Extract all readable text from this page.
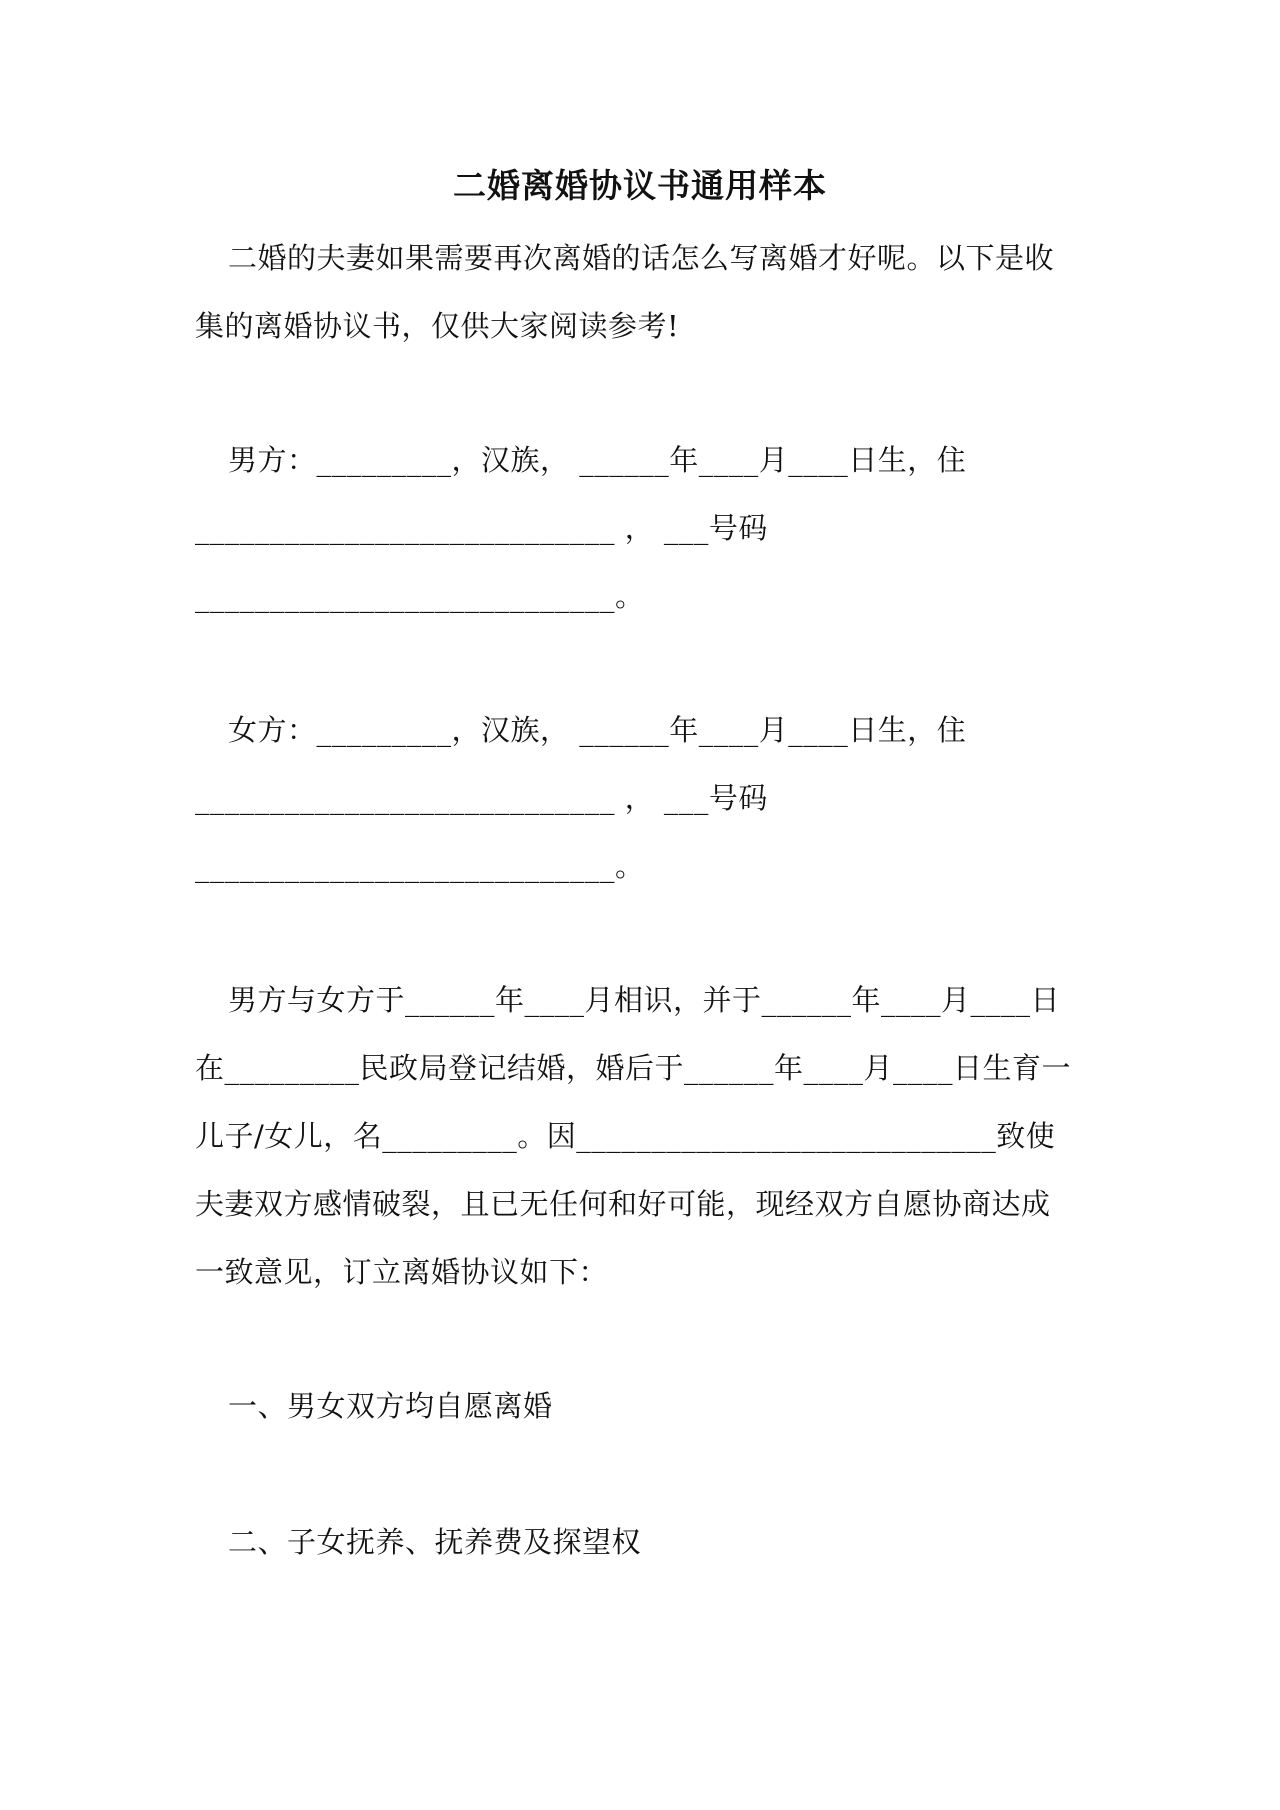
二婚离婚协议书通用样本
二婚的夫妻如果需要再次离婚的话怎么写离婚才好呢。以下是收
集的离婚协议书，仅供大家阅读参考!
男方：_________，汉族， ______年____月____日生，住
____________________________ ， ___号码
____________________________。
女方：_________，汉族， ______年____月____日生，住
____________________________ ， ___号码
____________________________。
男方与女方于______年____月相识，并于______年____月____日
在_________民政局登记结婚，婚后于______年____月____日生育一
儿子/女儿，名_________。因____________________________致使
夫妻双方感情破裂，且已无任何和好可能，现经双方自愿协商达成
一致意见，订立离婚协议如下：
一、男女双方均自愿离婚
二、子女抚养、抚养费及探望权
